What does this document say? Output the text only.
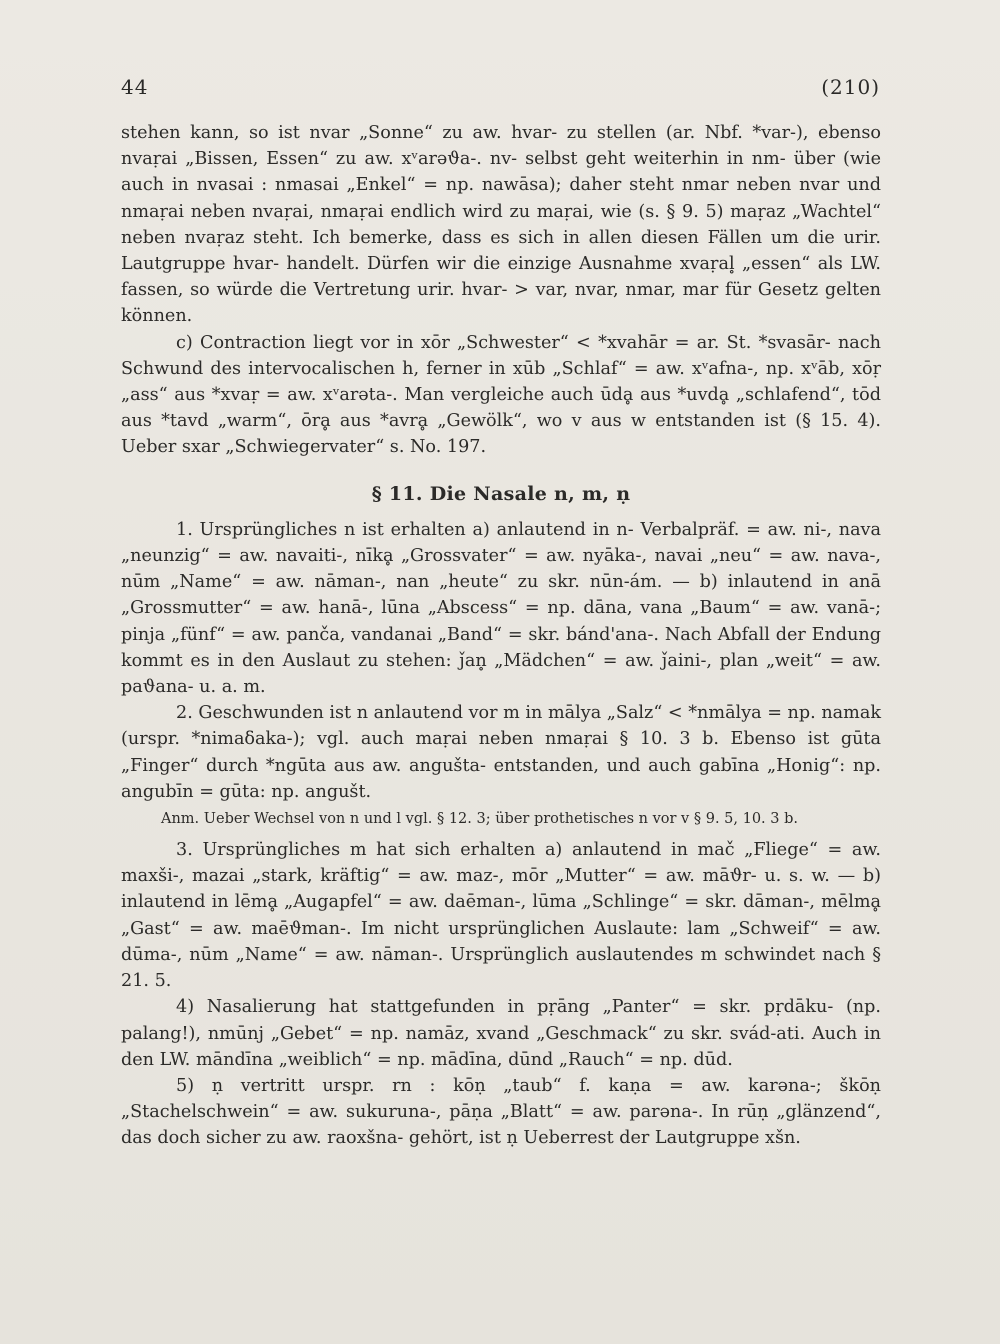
44	(210)

stehen kann, so ist nvar „Sonne“ zu aw. hvar- zu stellen (ar. Nbf. *var-), ebenso nvaṛai „Bissen, Essen“ zu aw. xᵛarəϑa-. nv- selbst geht weiterhin in nm- über (wie auch in nvasai : nmasai „Enkel“ = np. nawāsa); daher steht nmar neben nvar und nmaṛai neben nvaṛai, nmaṛai endlich wird zu maṛai, wie (s. § 9. 5) maṛaz „Wachtel“ neben nvaṛaz steht. Ich bemerke, dass es sich in allen diesen Fällen um die urir. Lautgruppe hvar- handelt. Dürfen wir die einzige Ausnahme xvaṛal̥ „essen“ als LW. fassen, so würde die Vertretung urir. hvar- > var, nvar, nmar, mar für Gesetz gelten können.

c) Contraction liegt vor in xōr „Schwester“ < *xvahār = ar. St. *svasār- nach Schwund des intervocalischen h, ferner in xūb „Schlaf“ = aw. xᵛafna-, np. xᵛāb, xōṛ „ass“ aus *xvaṛ = aw. xᵛarəta-. Man vergleiche auch ūdḁ aus *uvdḁ „schlafend“, tōd aus *tavd „warm“, ōrḁ aus *avrḁ „Gewölk“, wo v aus w entstanden ist (§ 15. 4). Ueber sxar „Schwiegervater“ s. No. 197.

§ 11. Die Nasale n, m, ṇ

1. Ursprüngliches n ist erhalten a) anlautend in n- Verbalpräf. = aw. ni-, nava „neunzig“ = aw. navaiti-, nīkḁ „Grossvater“ = aw. nyāka-, navai „neu“ = aw. nava-, nūm „Name“ = aw. nāman-, nan „heute“ zu skr. nūn-ám. — b) inlautend in anā „Grossmutter“ = aw. hanā-, lūna „Abscess“ = np. dāna, vana „Baum“ = aw. vanā-; pinja „fünf“ = aw. panča, vandanai „Band“ = skr. bánd'ana-. Nach Abfall der Endung kommt es in den Auslaut zu stehen: ǰan̥ „Mädchen“ = aw. ǰaini-, plan „weit“ = aw. paϑana- u. a. m.

2. Geschwunden ist n anlautend vor m in mālya „Salz“ < *nmālya = np. namak (urspr. *nimaδaka-); vgl. auch maṛai neben nmaṛai § 10. 3 b. Ebenso ist gūta „Finger“ durch *ngūta aus aw. angušta- entstanden, und auch gabīna „Honig“: np. angubīn = gūta: np. angušt.

Anm. Ueber Wechsel von n und l vgl. § 12. 3; über prothetisches n vor v § 9. 5, 10. 3 b.

3. Ursprüngliches m hat sich erhalten a) anlautend in mač „Fliege“ = aw. maxši-, mazai „stark, kräftig“ = aw. maz-, mōr „Mutter“ = aw. māϑr- u. s. w. — b) inlautend in lēmḁ „Augapfel“ = aw. daēman-, lūma „Schlinge“ = skr. dāman-, mēlmḁ „Gast“ = aw. maēϑman-. Im nicht ursprünglichen Auslaute: lam „Schweif“ = aw. dūma-, nūm „Name“ = aw. nāman-. Ursprünglich auslautendes m schwindet nach § 21. 5.

4) Nasalierung hat stattgefunden in pṛāng „Panter“ = skr. pṛdāku- (np. palang!), nmūnj „Gebet“ = np. namāz, xvand „Geschmack“ zu skr. svád-ati. Auch in den LW. māndīna „weiblich“ = np. mādīna, dūnd „Rauch“ = np. dūd.

5) ṇ vertritt urspr. rn : kōṇ „taub“ f. kaṇa = aw. karəna-; škōṇ „Stachelschwein“ = aw. sukuruna-, pāṇa „Blatt“ = aw. parəna-. In rūṇ „glänzend“, das doch sicher zu aw. raoxšna- gehört, ist ṇ Ueberrest der Lautgruppe xšn.
